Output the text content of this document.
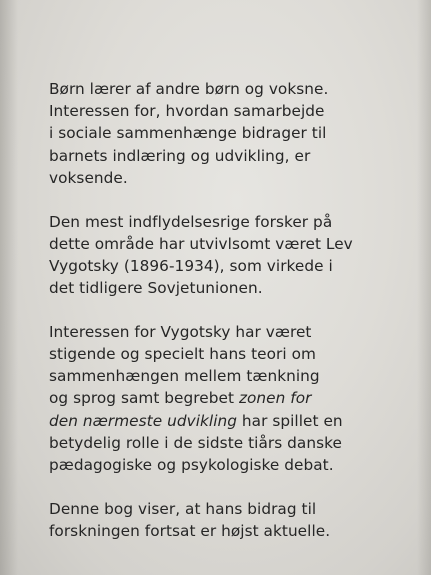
Børn lærer af andre børn og voksne.
Interessen for, hvordan samarbejde
i sociale sammenhænge bidrager til
barnets indlæring og udvikling, er
voksende.

Den mest indflydelsesrige forsker på
dette område har utvivlsomt været Lev
Vygotsky (1896-1934), som virkede i
det tidligere Sovjetunionen.

Interessen for Vygotsky har været
stigende og specielt hans teori om
sammenhængen mellem tænkning
og sprog samt begrebet zonen for
den nærmeste udvikling har spillet en
betydelig rolle i de sidste tiårs danske
pædagogiske og psykologiske debat.

Denne bog viser, at hans bidrag til
forskningen fortsat er højst aktuelle.
